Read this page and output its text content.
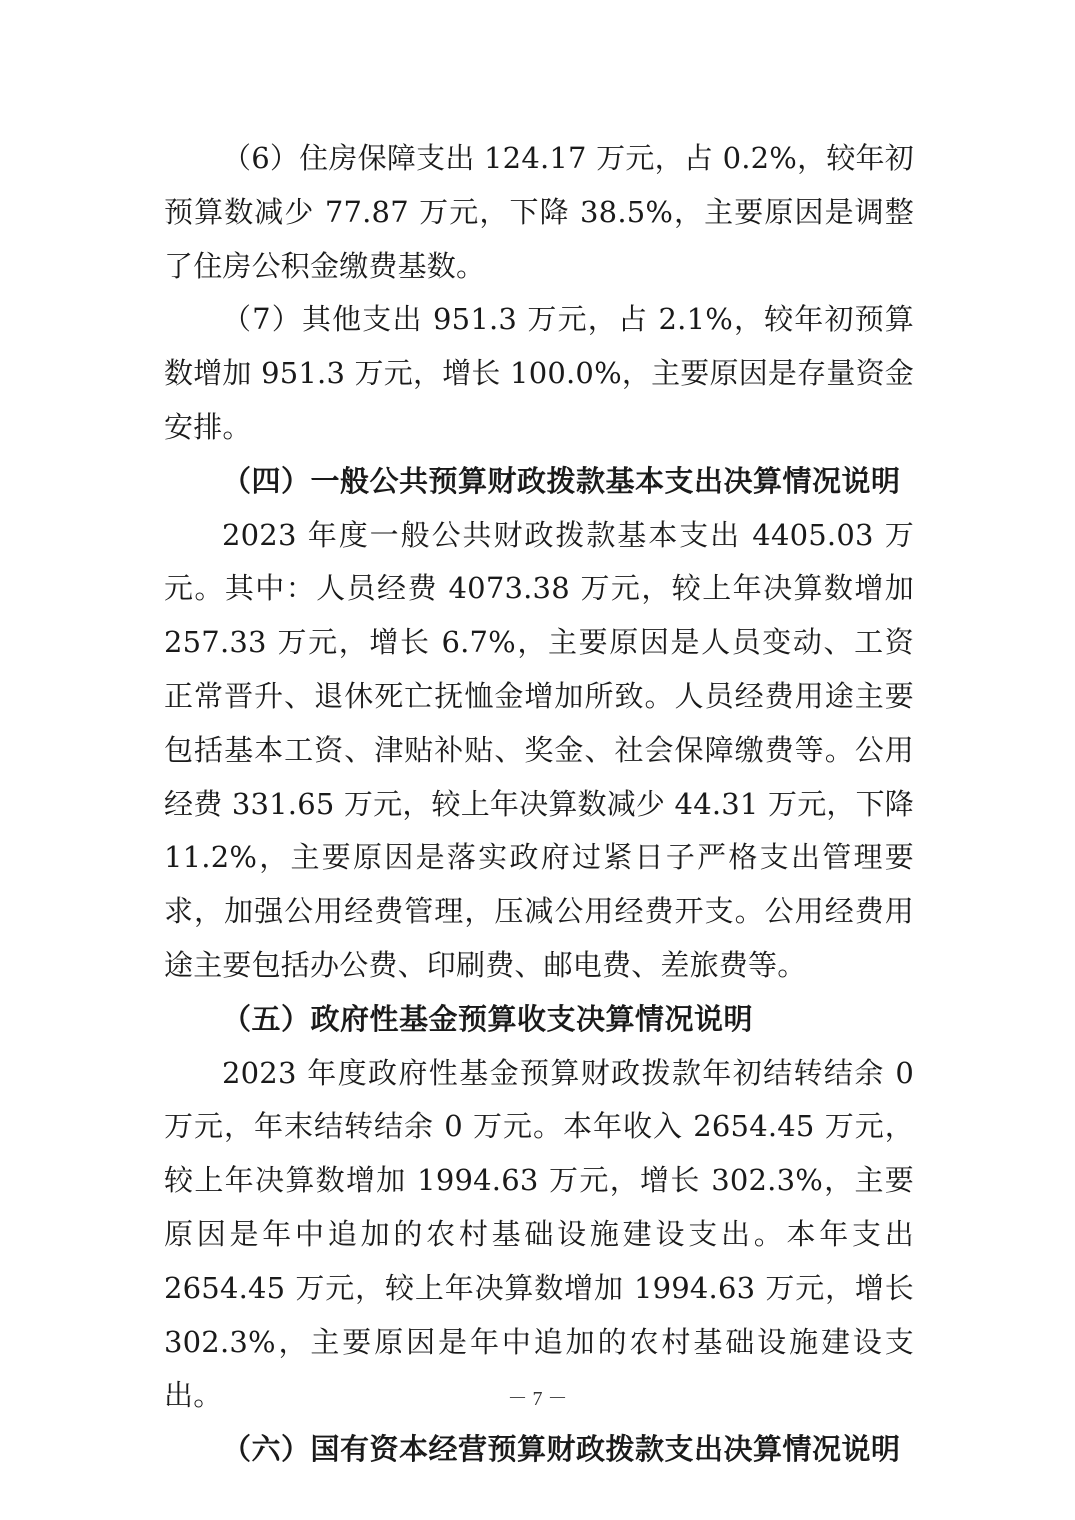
（6）住房保障支出 124.17 万元，占 0.2%，较年初预算数减少 77.87 万元，下降 38.5%，主要原因是调整了住房公积金缴费基数。

（7）其他支出 951.3 万元，占 2.1%，较年初预算数增加 951.3 万元，增长 100.0%，主要原因是存量资金安排。

（四）一般公共预算财政拨款基本支出决算情况说明

2023 年度一般公共财政拨款基本支出 4405.03 万元。其中：人员经费 4073.38 万元，较上年决算数增加 257.33 万元，增长 6.7%，主要原因是人员变动、工资正常晋升、退休死亡抚恤金增加所致。人员经费用途主要包括基本工资、津贴补贴、奖金、社会保障缴费等。公用经费 331.65 万元，较上年决算数减少 44.31 万元，下降 11.2%，主要原因是落实政府过紧日子严格支出管理要求，加强公用经费管理，压减公用经费开支。公用经费用途主要包括办公费、印刷费、邮电费、差旅费等。

（五）政府性基金预算收支决算情况说明

2023 年度政府性基金预算财政拨款年初结转结余 0 万元，年末结转结余 0 万元。本年收入 2654.45 万元，较上年决算数增加 1994.63 万元，增长 302.3%，主要原因是年中追加的农村基础设施建设支出。本年支出 2654.45 万元，较上年决算数增加 1994.63 万元，增长 302.3%，主要原因是年中追加的农村基础设施建设支出。

（六）国有资本经营预算财政拨款支出决算情况说明

－ 7 －
